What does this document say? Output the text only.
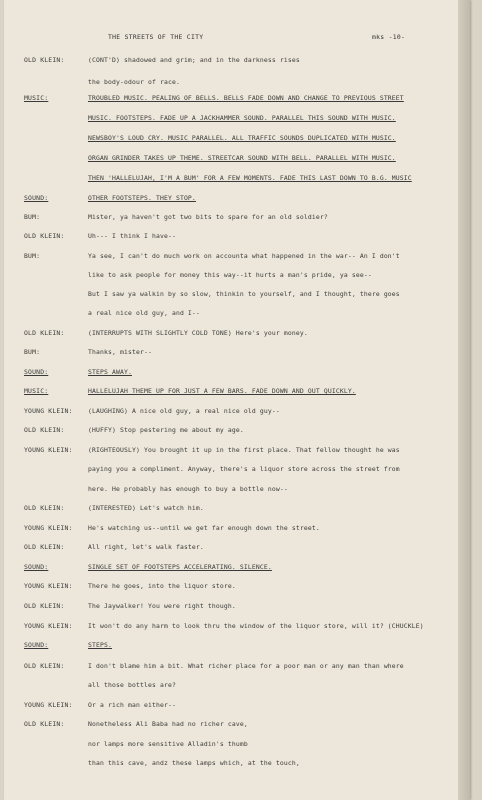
THE STREETS OF THE CITY	mks -10-
OLD KLEIN:	(CONT'D) shadowed and grim; and in the darkness rises
the body-odour of race.
MUSIC:	TROUBLED MUSIC. PEALING OF BELLS. BELLS FADE DOWN AND CHANGE TO PREVIOUS STREET
MUSIC. FOOTSTEPS. FADE UP A JACKHAMMER SOUND. PARALLEL THIS SOUND WITH MUSIC.
NEWSBOY'S LOUD CRY. MUSIC PARALLEL. ALL TRAFFIC SOUNDS DUPLICATED WITH MUSIC.
ORGAN GRINDER TAKES UP THEME. STREETCAR SOUND WITH BELL. PARALLEL WITH MUSIC.
THEN 'HALLELUJAH, I'M A BUM' FOR A FEW MOMENTS. FADE THIS LAST DOWN TO B.G. MUSIC
SOUND:	OTHER FOOTSTEPS. THEY STOP.
BUM:	Mister, ya haven't got two bits to spare for an old soldier?
OLD KLEIN:	Uh--- I think I have--
BUM:	Ya see, I can't do much work on accounta what happened in the war-- An I don't
like to ask people for money this way--it hurts a man's pride, ya see--
But I saw ya walkin by so slow, thinkin to yourself, and I thought, there goes
a real nice old guy, and I--
OLD KLEIN:	(INTERRUPTS WITH SLIGHTLY COLD TONE) Here's your money.
BUM:	Thanks, mister--
SOUND:	STEPS AWAY.
MUSIC:	HALLELUJAH THEME UP FOR JUST A FEW BARS. FADE DOWN AND OUT QUICKLY.
YOUNG KLEIN: (LAUGHING) A nice old guy, a real nice old guy--
OLD KLEIN:	(HUFFY) Stop pestering me about my age.
YOUNG KLEIN: (RIGHTEOUSLY) You brought it up in the first place. That fellow thought he was
paying you a compliment. Anyway, there's a liquor store across the street from
here. He probably has enough to buy a bottle now--
OLD KLEIN:	(INTERESTED) Let's watch him.
YOUNG KLEIN: He's watching us--until we get far enough down the street.
OLD KLEIN:	All right, let's walk faster.
SOUND:	SINGLE SET OF FOOTSTEPS ACCELERATING. SILENCE.
YOUNG KLEIN: There he goes, into the liquor store.
OLD KLEIN:	The Jaywalker! You were right though.
YOUNG KLEIN: It won't do any harm to look thru the window of the liquor store, will it? (CHUCKLE)
SOUND:	STEPS.
OLD KLEIN:	I don't blame him a bit. What richer place for a poor man or any man than where
all those bottles are?
YOUNG KLEIN: Or a rich man either--
OLD KLEIN:	Nonetheless Ali Baba had no richer cave,
nor lamps more sensitive Alladin's thumb
than this cave, andz these lamps which, at the touch,
